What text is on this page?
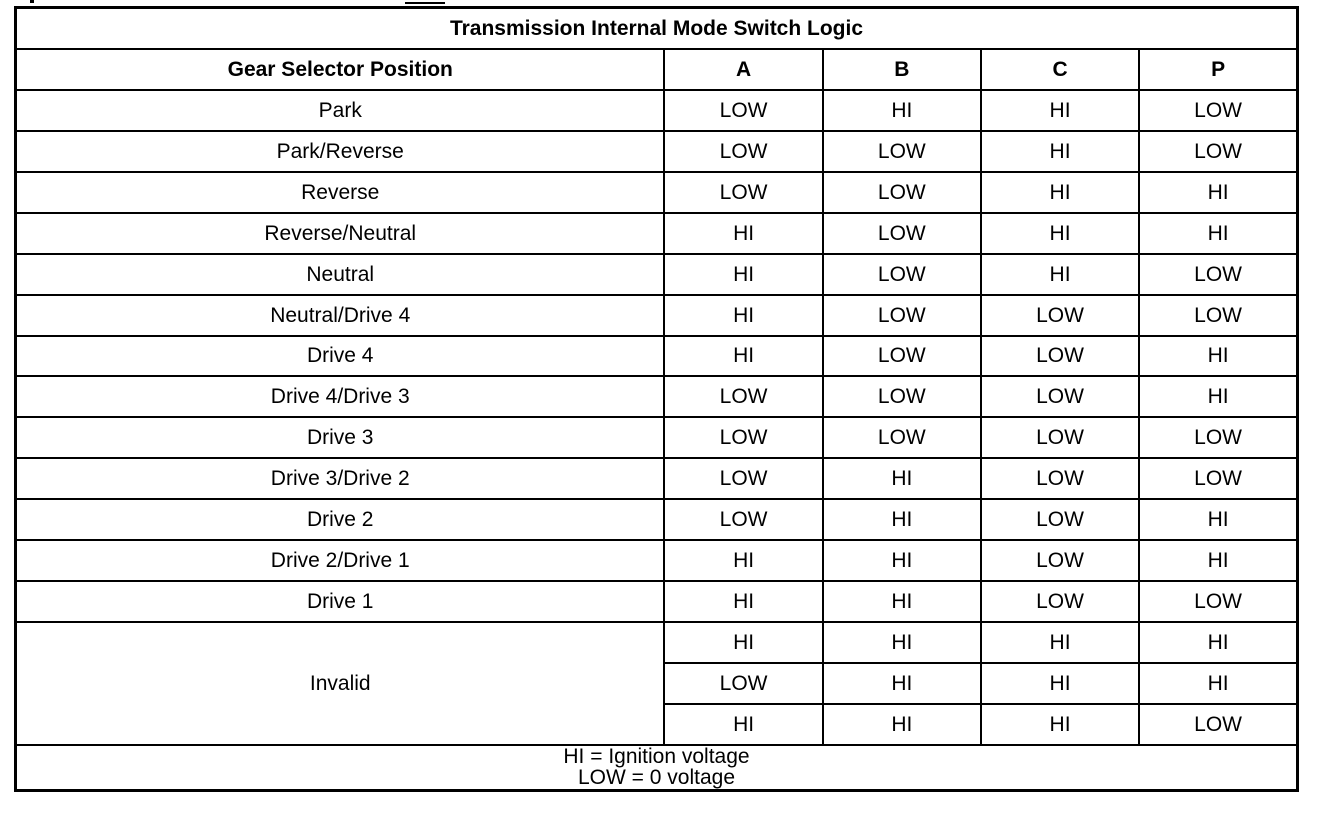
Transmission Internal Mode Switch Logic				
Gear Selector Position	A	B	C	P
Park	LOW	HI	HI	LOW
Park/Reverse	LOW	LOW	HI	LOW
Reverse	LOW	LOW	HI	HI
Reverse/Neutral	HI	LOW	HI	HI
Neutral	HI	LOW	HI	LOW
Neutral/Drive 4	HI	LOW	LOW	LOW
Drive 4	HI	LOW	LOW	HI
Drive 4/Drive 3	LOW	LOW	LOW	HI
Drive 3	LOW	LOW	LOW	LOW
Drive 3/Drive 2	LOW	HI	LOW	LOW
Drive 2	LOW	HI	LOW	HI
Drive 2/Drive 1	HI	HI	LOW	HI
Drive 1	HI	HI	LOW	LOW
Invalid	HI	HI	HI	HI
	LOW	HI	HI	HI
	HI	HI	HI	LOW

HI = Ignition voltage
LOW = 0 voltage				
